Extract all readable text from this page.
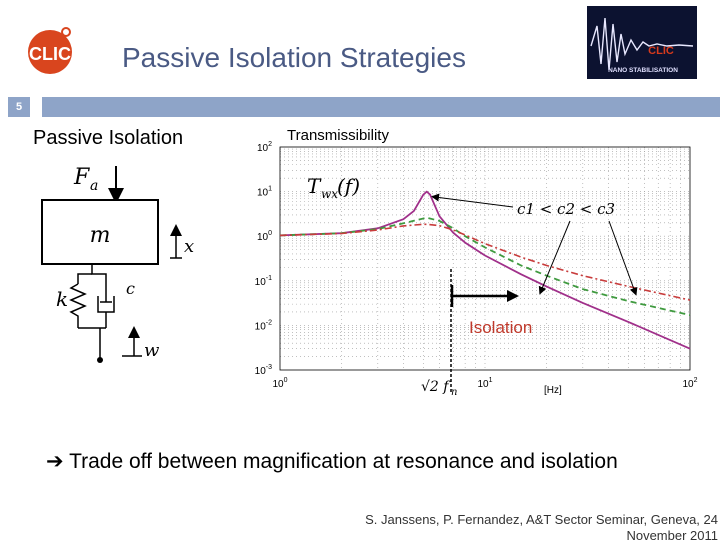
CLIC Passive Isolation Strategies	CLIC
NANO STABILISATION
5
Passive Isolation
F a
m	x
k	c
w
Transmissibility
$10^{-3}$
$10^{-2}$
$10^{-1}$
$10^0$
$10^1$
$10^2$
$10^0$	$10^1$	$10^2$
√2 f n
Isolation
T wx
(f)
c1 < c2 < c3
[Hz]
➔ Trade off between magnification at resonance and isolation
S. Janssens, P. Fernandez, A&T Sector Seminar, Geneva, 24 November 2011
